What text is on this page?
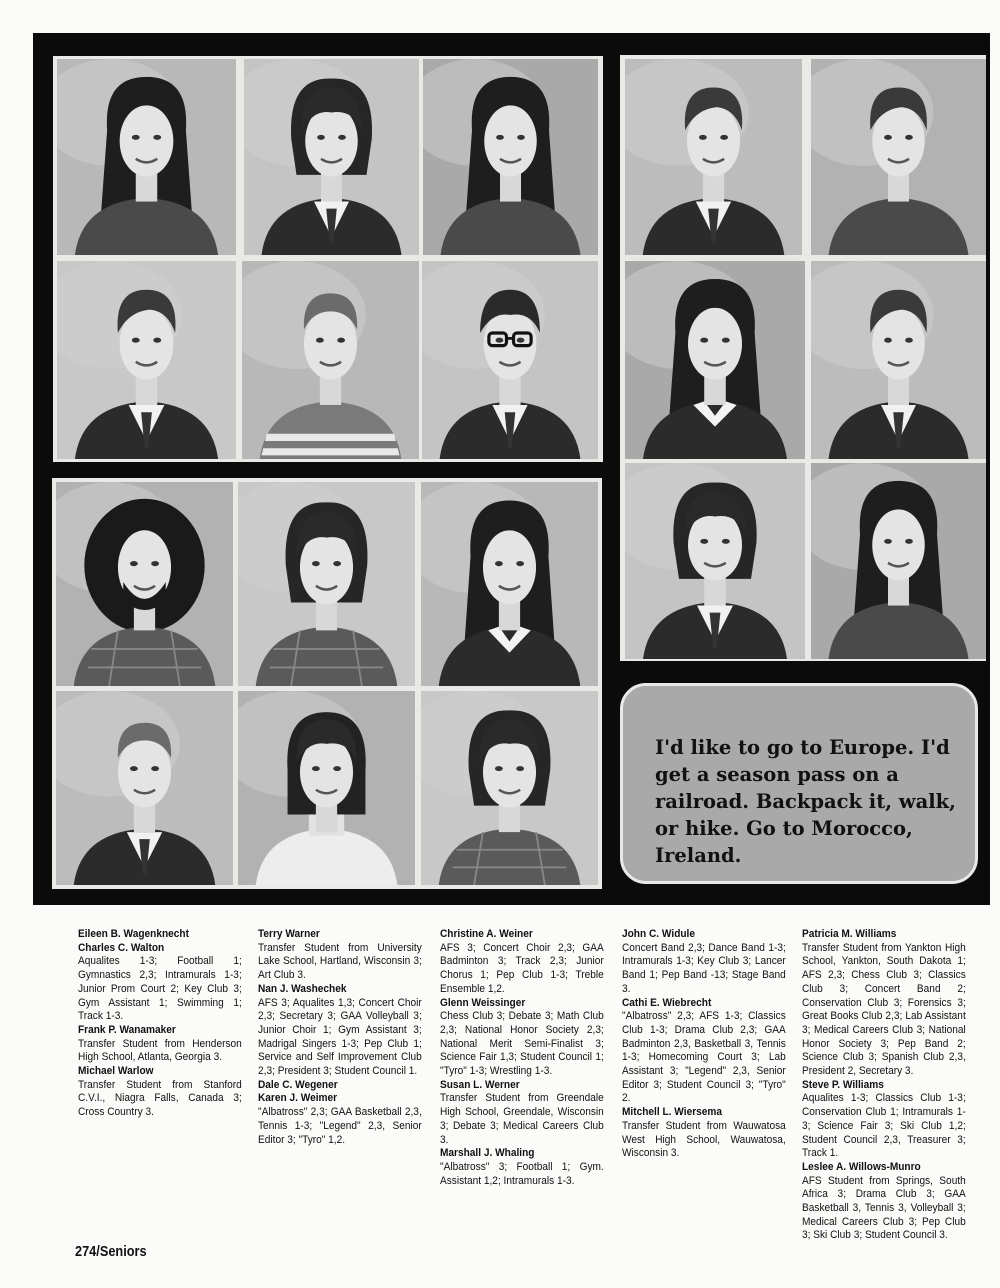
I'd like to go to Europe. I'd get a season pass on a railroad. Backpack it, walk, or hike. Go to Morocco, Ireland.

Eileen B. Wagenknecht

Charles C. Walton
Aqualites 1-3; Football 1; Gymnastics 2,3; Intramurals 1-3; Junior Prom Court 2; Key Club 3; Gym Assistant 1; Swimming 1; Track 1-3.

Frank P. Wanamaker
Transfer Student from Henderson High School, Atlanta, Georgia 3.

Michael Warlow
Transfer Student from Stanford C.V.I., Niagra Falls, Canada 3; Cross Country 3.

Terry Warner
Transfer Student from University Lake School, Hartland, Wisconsin 3; Art Club 3.

Nan J. Washechek
AFS 3; Aqualites 1,3; Concert Choir 2,3; Secretary 3; GAA Volleyball 3; Junior Choir 1; Gym Assistant 3; Madrigal Singers 1-3; Pep Club 1; Service and Self Improvement Club 2,3; President 3; Student Council 1.

Dale C. Wegener

Karen J. Weimer
"Albatross" 2,3; GAA Basketball 2,3, Tennis 1-3; "Legend" 2,3, Senior Editor 3; "Tyro" 1,2.

Christine A. Weiner
AFS 3; Concert Choir 2,3; GAA Badminton 3; Track 2,3; Junior Chorus 1; Pep Club 1-3; Treble Ensemble 1,2.

Glenn Weissinger
Chess Club 3; Debate 3; Math Club 2,3; National Honor Society 2,3; National Merit Semi-Finalist 3; Science Fair 1,3; Student Council 1; "Tyro" 1-3; Wrestling 1-3.

Susan L. Werner
Transfer Student from Greendale High School, Greendale, Wisconsin 3; Debate 3; Medical Careers Club 3.

Marshall J. Whaling
"Albatross" 3; Football 1; Gym. Assistant 1,2; Intramurals 1-3.

John C. Widule
Concert Band 2,3; Dance Band 1-3; Intramurals 1-3; Key Club 3; Lancer Band 1; Pep Band -13; Stage Band 3.

Cathi E. Wiebrecht
"Albatross" 2,3; AFS 1-3; Classics Club 1-3; Drama Club 2,3; GAA Badminton 2,3, Basketball 3, Tennis 1-3; Homecoming Court 3; Lab Assistant 3; "Legend" 2,3, Senior Editor 3; Student Council 3; "Tyro" 2.

Mitchell L. Wiersema
Transfer Student from Wauwatosa West High School, Wauwatosa, Wisconsin 3.

Patricia M. Williams
Transfer Student from Yankton High School, Yankton, South Dakota 1; AFS 2,3; Chess Club 3; Classics Club 3; Concert Band 2; Conservation Club 3; Forensics 3; Great Books Club 2,3; Lab Assistant 3; Medical Careers Club 3; National Honor Society 3; Pep Band 2; Science Club 3; Spanish Club 2,3, President 2, Secretary 3.

Steve P. Williams
Aqualites 1-3; Classics Club 1-3; Conservation Club 1; Intramurals 1-3; Science Fair 3; Ski Club 1,2; Student Council 2,3, Treasurer 3; Track 1.

Leslee A. Willows-Munro
AFS Student from Springs, South Africa 3; Drama Club 3; GAA Basketball 3, Tennis 3, Volleyball 3; Medical Careers Club 3; Pep Club 3; Ski Club 3; Student Council 3.

274/Seniors
